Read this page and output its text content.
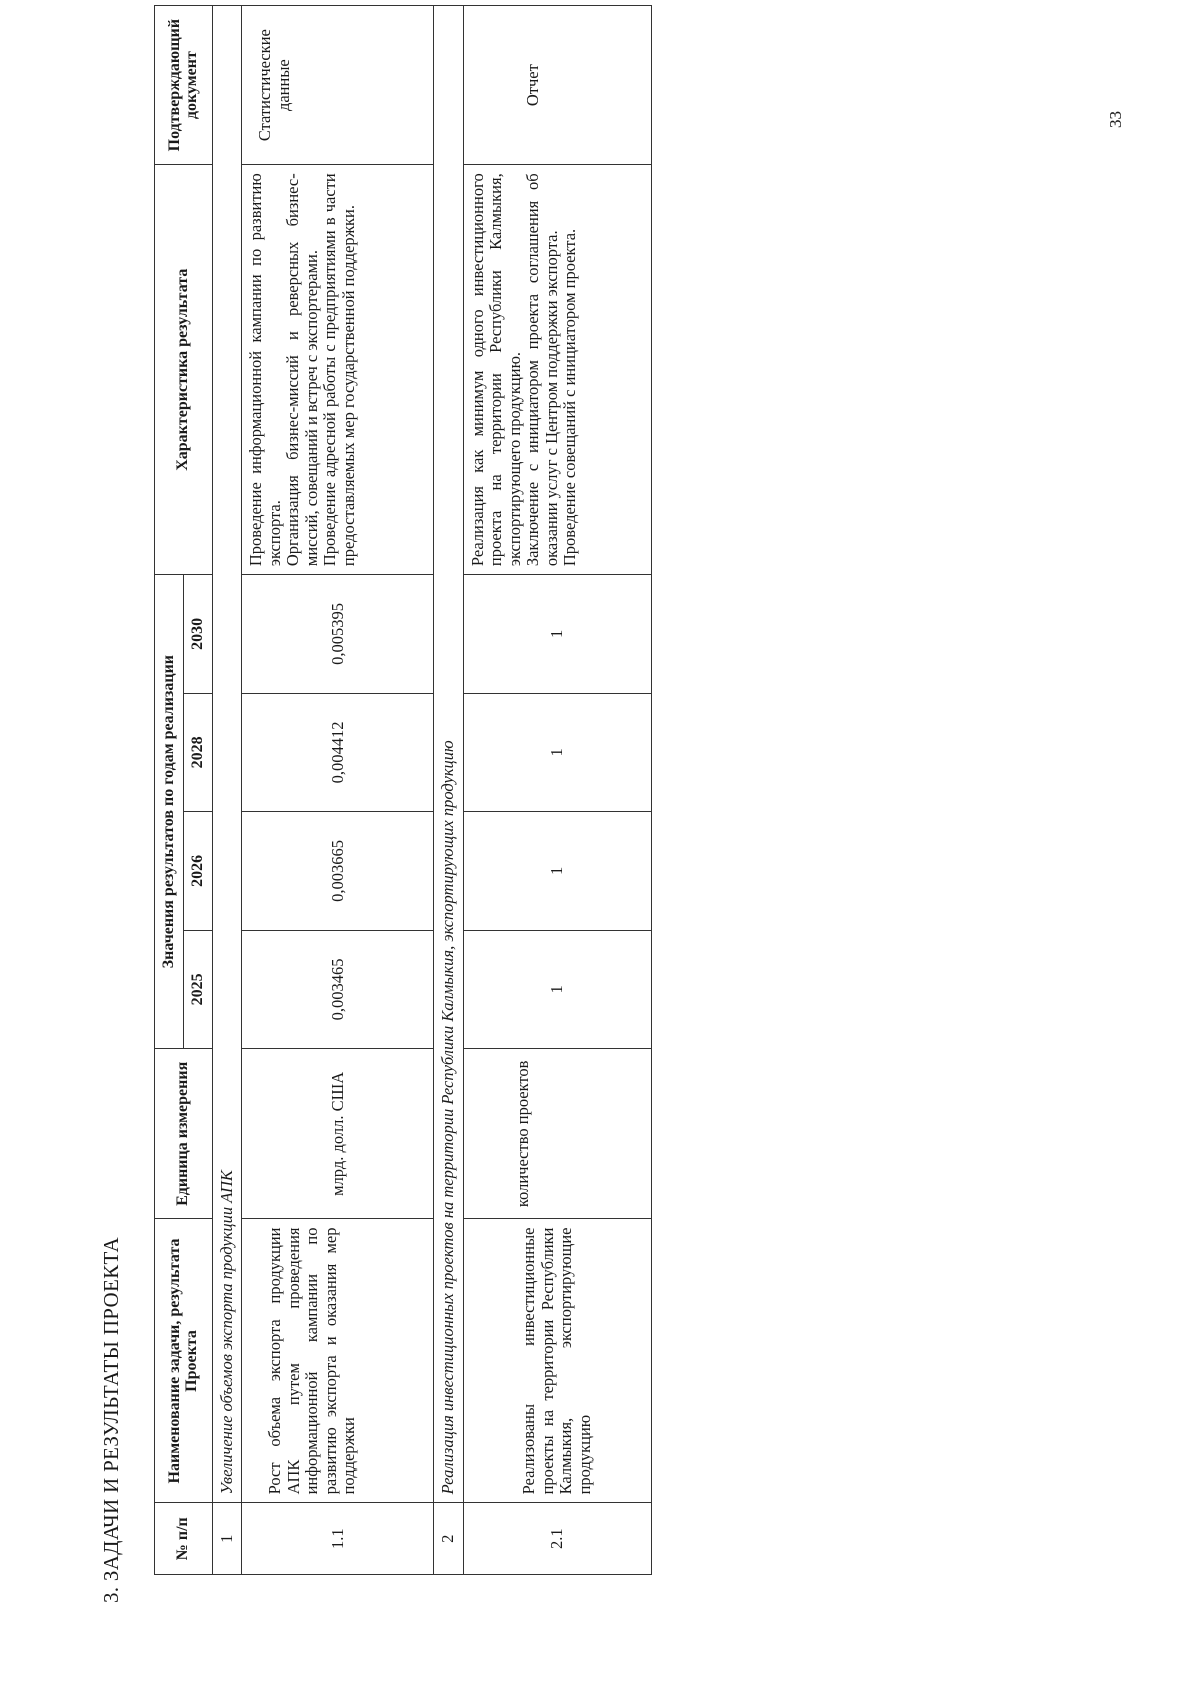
33
3. ЗАДАЧИ И РЕЗУЛЬТАТЫ ПРОЕКТА	№ п/п	Наименование задачи, результата Проекта	Единица измерения	Значения результатов по годам реализации				Характеристика результата	Подтверждающий документ
			2025	2026	2028	2030		
1	Увеличение объемов экспорта продукции АПК							
1.1	Рост объема экспорта продукции АПК путем проведения информационной кампании по развитию экспорта и оказания мер поддержки	млрд. долл. США	0,003465	0,003665	0,004412	0,005395	Проведение информационной кампании по развитию экспорта. Организация бизнес-миссий и реверсных бизнес-миссий, совещаний и встреч с экспортерами. Проведение адресной работы с предприятиями в части предоставляемых мер государственной поддержки.	Статистические данные
2	Реализация инвестиционных проектов на территории Республики Калмыкия, экспортирующих продукцию							
2.1	Реализованы инвестиционные проекты на территории Республики Калмыкия, экспортирующие продукцию	количество проектов	1	1	1	1	Реализация как минимум одного инвестиционного проекта на территории Республики Калмыкия, экспортирующего продукцию. Заключение с инициатором проекта соглашения об оказании услуг с Центром поддержки экспорта. Проведение совещаний с инициатором проекта.	Отчет
